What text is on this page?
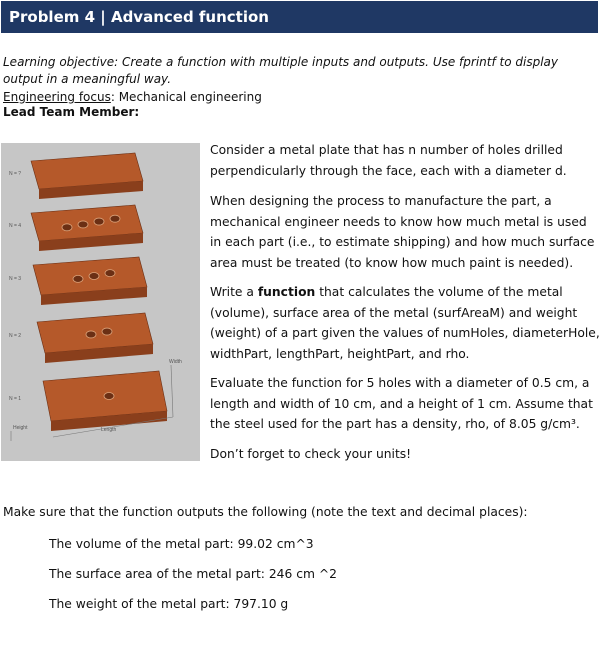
Problem 4 | Advanced function

Learning objective: Create a function with multiple inputs and outputs. Use fprintf to display output in a meaningful way.

Engineering focus: Mechanical engineering

Lead Team Member:

N = ?
N = 4
N = 3
N = 2
N = 1
Length
Width
Height

Consider a metal plate that has n number of holes drilled perpendicularly through the face, each with a diameter d.

When designing the process to manufacture the part, a mechanical engineer needs to know how much metal is used in each part (i.e., to estimate shipping) and how much surface area must be treated (to know how much paint is needed).

Write a function that calculates the volume of the metal (volume), surface area of the metal (surfAreaM) and weight (weight) of a part given the values of numHoles, diameterHole, widthPart, lengthPart, heightPart, and rho.

Evaluate the function for 5 holes with a diameter of 0.5 cm, a length and width of 10 cm, and a height of 1 cm. Assume that the steel used for the part has a density, rho, of 8.05 g/cm³.

Don’t forget to check your units!

Make sure that the function outputs the following (note the text and decimal places):

The volume of the metal part: 99.02 cm^3

The surface area of the metal part: 246 cm ^2

The weight of the metal part: 797.10 g
